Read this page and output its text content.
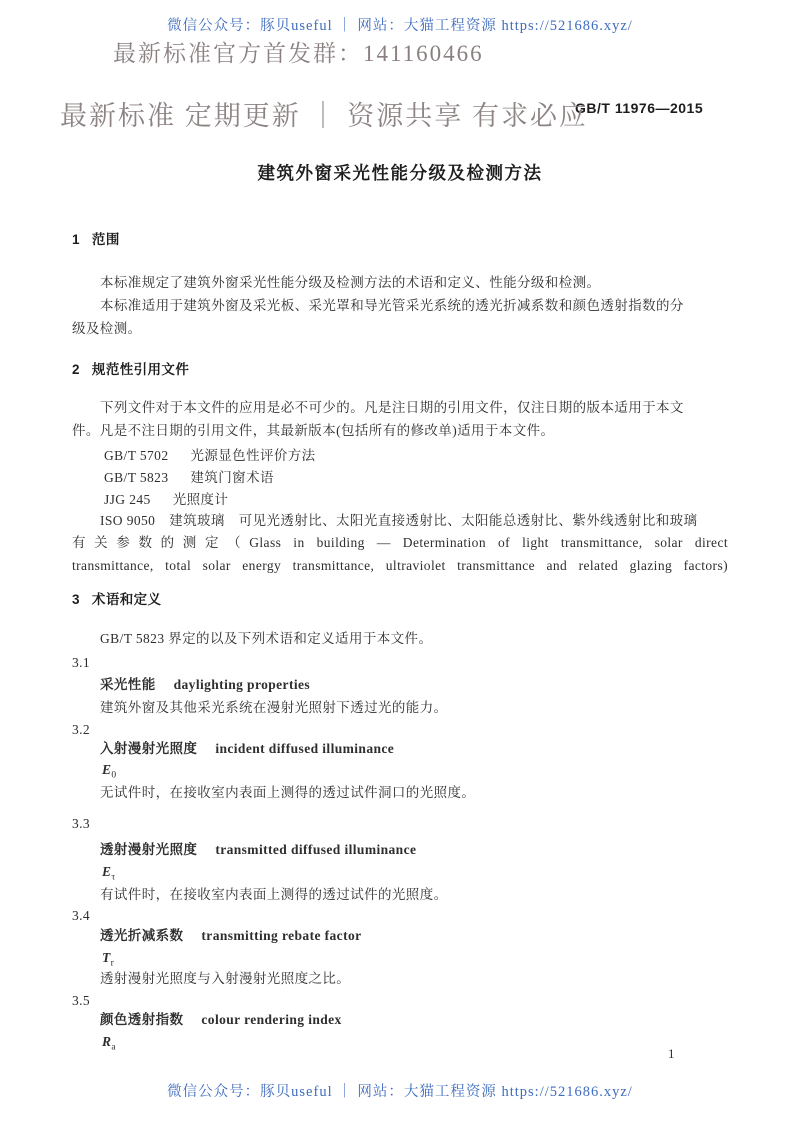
微信公众号：豚贝useful ｜ 网站：大猫工程资源 https://521686.xyz/
最新标准官方首发群：141160466
GB/T 11976—2015
最新标准 定期更新 ｜ 资源共享 有求必应
建筑外窗采光性能分级及检测方法
1 范围
本标准规定了建筑外窗采光性能分级及检测方法的术语和定义、性能分级和检测。
本标准适用于建筑外窗及采光板、采光罩和导光管采光系统的透光折减系数和颜色透射指数的分
级及检测。
2 规范性引用文件
下列文件对于本文件的应用是必不可少的。凡是注日期的引用文件，仅注日期的版本适用于本文
件。凡是不注日期的引用文件，其最新版本(包括所有的修改单)适用于本文件。
GB/T 5702 光源显色性评价方法
GB/T 5823 建筑门窗术语
JJG 245 光照度计
ISO 9050　建筑玻璃　可见光透射比、太阳光直接透射比、太阳能总透射比、紫外线透射比和玻璃
有关参数的测定（Glass in building — Determination of light transmittance, solar direct
transmittance, total solar energy transmittance, ultraviolet transmittance and related glazing factors)
3 术语和定义
GB/T 5823 界定的以及下列术语和定义适用于本文件。
3.1
采光性能 daylighting properties
建筑外窗及其他采光系统在漫射光照射下透过光的能力。
3.2
入射漫射光照度 incident diffused illuminance
$E_0$
无试件时，在接收室内表面上测得的透过试件洞口的光照度。
3.3
透射漫射光照度 transmitted diffused illuminance
$E_\tau$
有试件时，在接收室内表面上测得的透过试件的光照度。
3.4
透光折减系数 transmitting rebate factor
$T_r$
透射漫射光照度与入射漫射光照度之比。
3.5
颜色透射指数 colour rendering index
$R_a$	1
微信公众号：豚贝useful ｜ 网站：大猫工程资源 https://521686.xyz/
